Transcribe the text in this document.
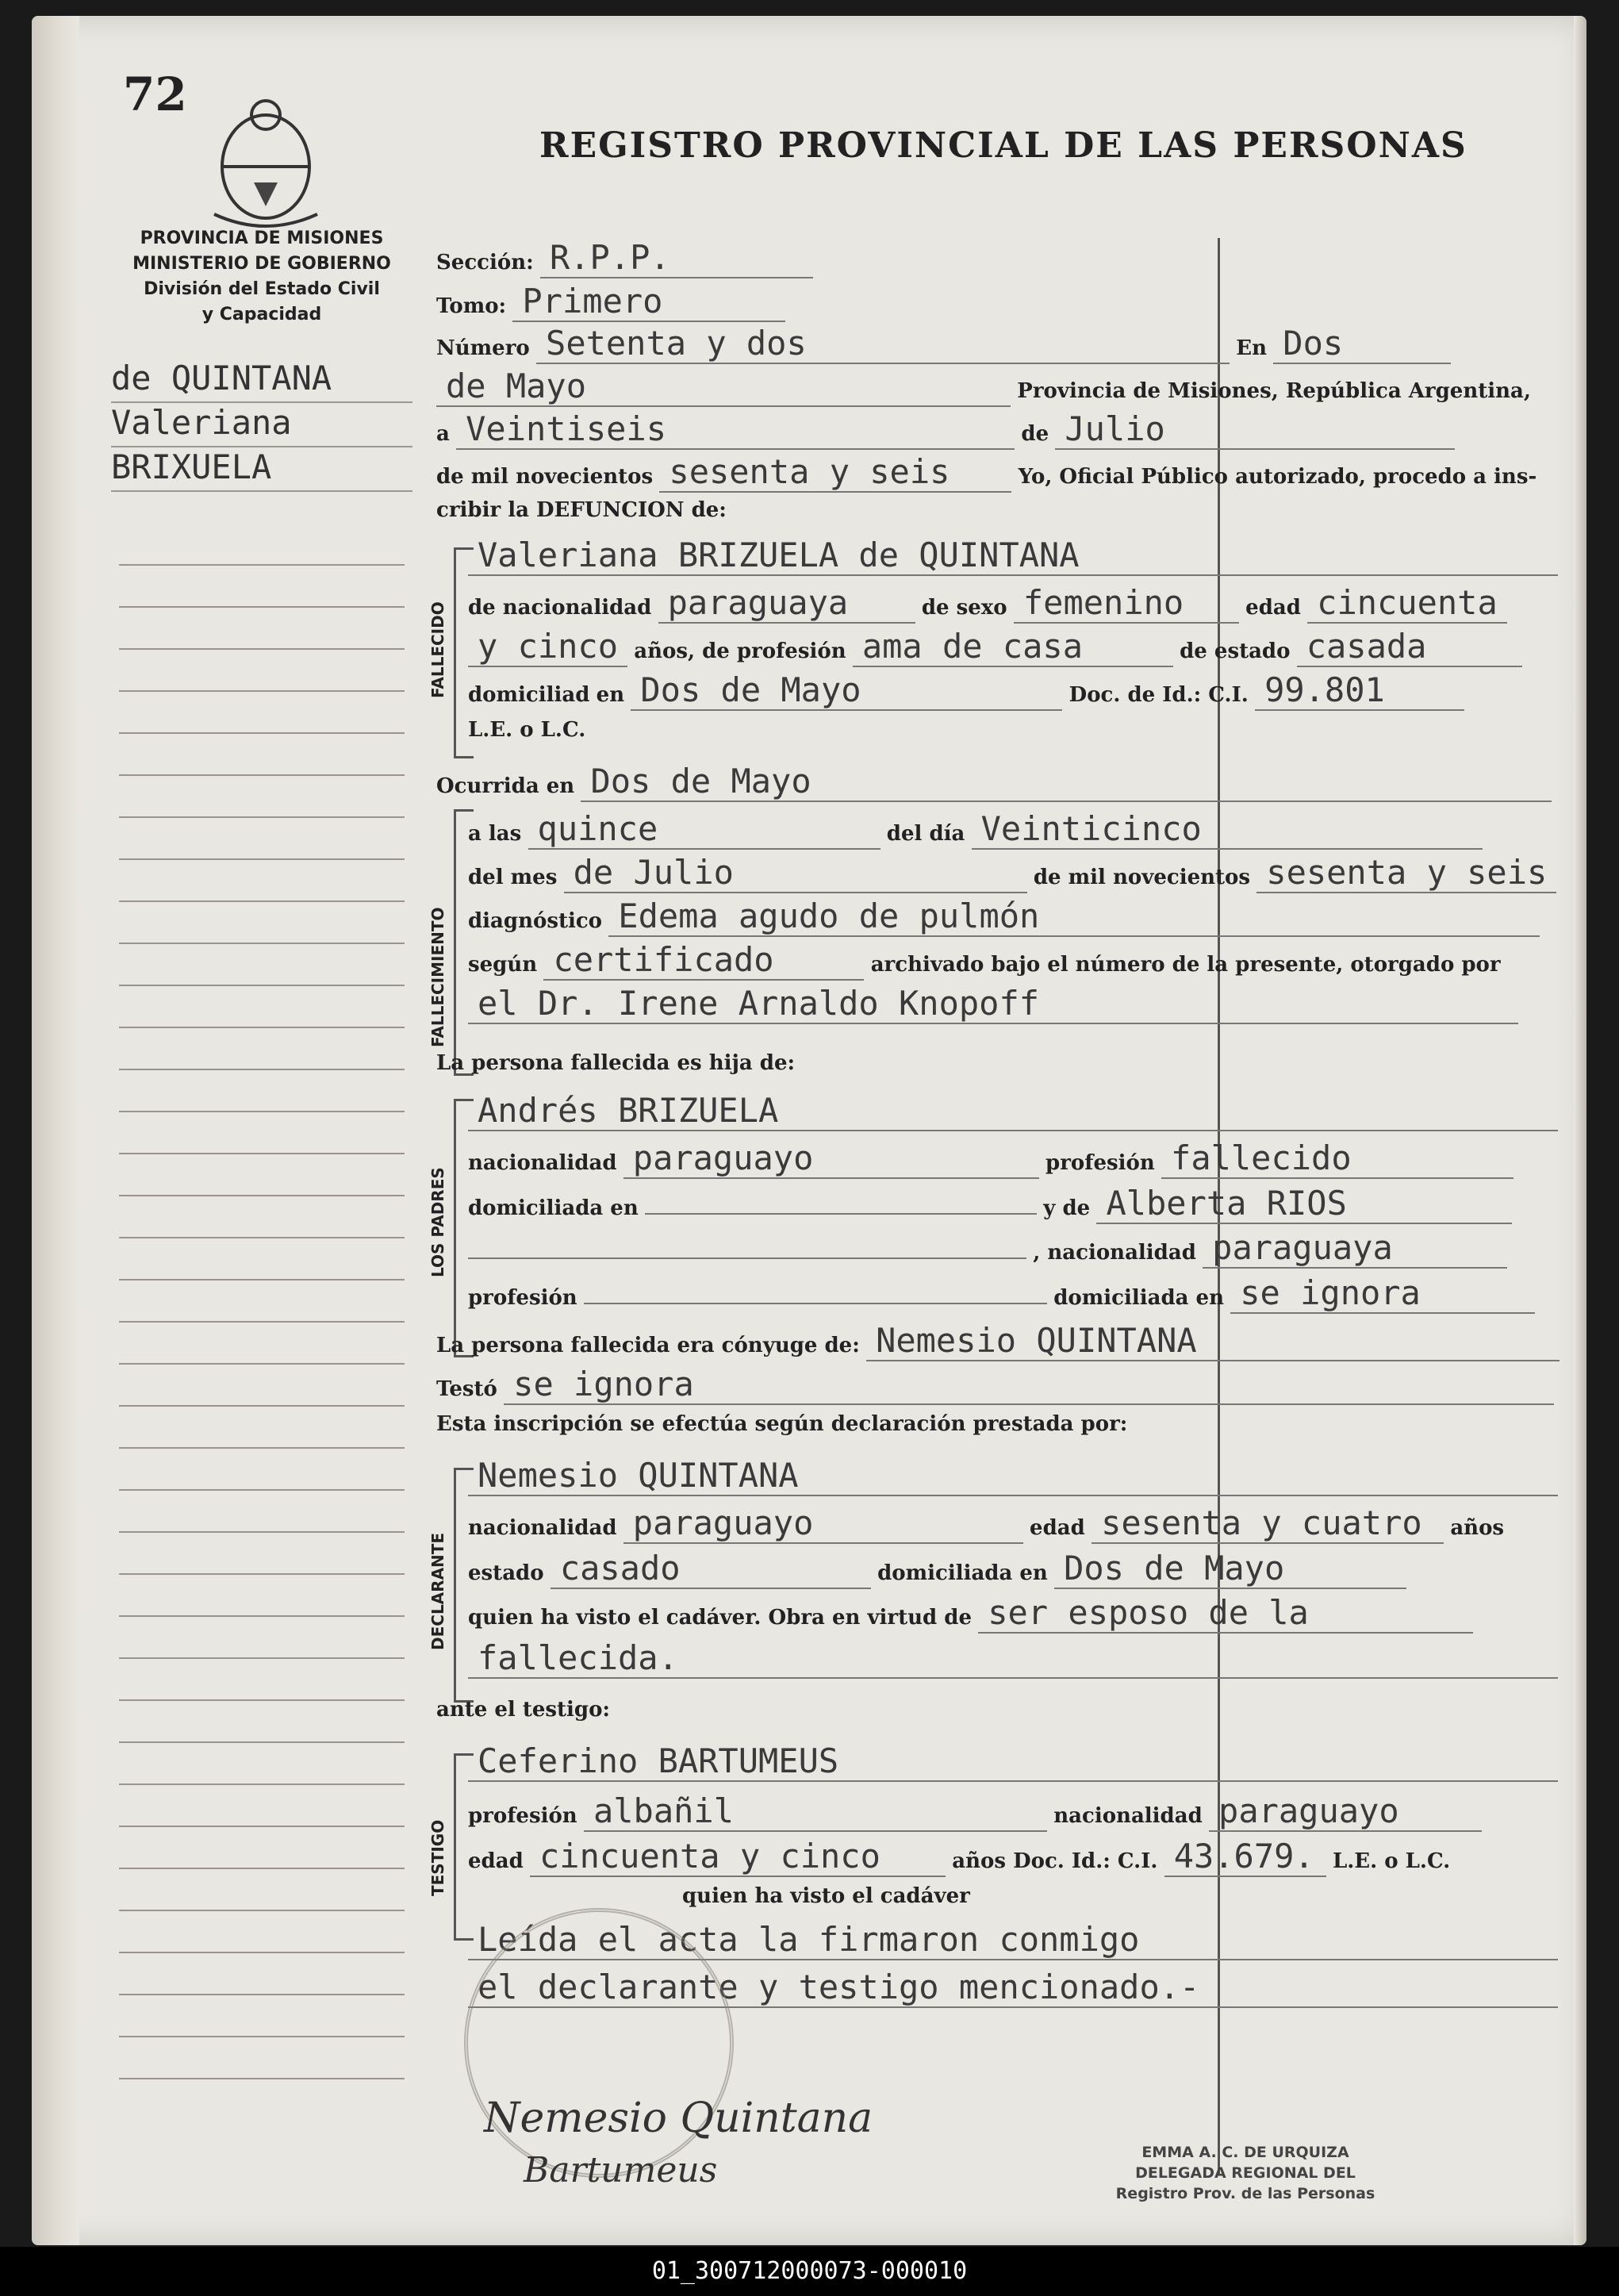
72
REGISTRO PROVINCIAL DE LAS PERSONAS
PROVINCIA DE MISIONES
MINISTERIO DE GOBIERNO
División del Estado Civil
y Capacidad
de QUINTANA
Valeriana
BRIXUELA
Sección: R.P.P.
Tomo: Primero
Número Setenta y dos	En Dos
de Mayo	Provincia de Misiones, República Argentina,
a Veintiseis	de Julio
de mil novecientos sesenta y seis	Yo, Oficial Público autorizado, procedo a ins-
cribir la DEFUNCION de:
FALLECIDO
Valeriana BRIZUELA de QUINTANA
de nacionalidad paraguaya	de sexo femenino	edad cincuenta
y cinco años, de profesión ama de casa	de estado casada
domiciliad en Dos de Mayo	Doc. de Id.: C.I. 99.801
L.E. o L.C.
Ocurrida en Dos de Mayo
FALLECIMIENTO
a las quince	del día Veinticinco
del mes de Julio	de mil novecientos sesenta y seis
diagnóstico Edema agudo de pulmón
según certificado	archivado bajo el número de la presente, otorgado por
el Dr. Irene Arnaldo Knopoff
La persona fallecida es hija de:
LOS PADRES
Andrés BRIZUELA
nacionalidad paraguayo	profesión fallecido
domiciliada en	y de Alberta RIOS
, nacionalidad paraguaya
profesión	domiciliada en se ignora
La persona fallecida era cónyuge de: Nemesio QUINTANA
Testó se ignora
Esta inscripción se efectúa según declaración prestada por:
DECLARANTE
Nemesio QUINTANA
nacionalidad paraguayo	edad sesenta y cuatro años
estado casado	domiciliada en Dos de Mayo
quien ha visto el cadáver. Obra en virtud de ser esposo de la
fallecida.
ante el testigo:
TESTIGO
Ceferino BARTUMEUS
profesión albañil	nacionalidad paraguayo
edad cincuenta y cinco	años Doc. Id.: C.I. 43.679. L.E. o L.C.
quien ha visto el cadáver
Leída el acta la firmaron conmigo
el declarante y testigo mencionado.-
Nemesio Quintana
Bartumeus	EMMA A. C. DE URQUIZA
DELEGADA REGIONAL DEL
Registro Prov. de las Personas
01_300712000073-000010
